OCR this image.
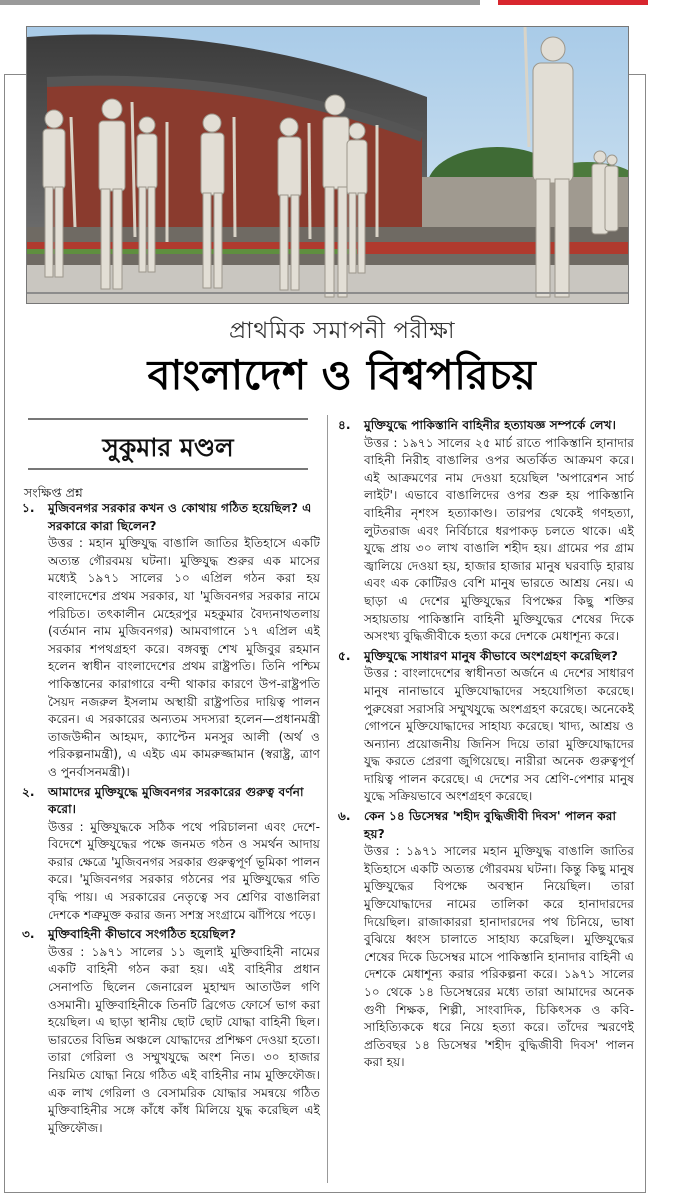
প্রাথমিক সমাপনী পরীক্ষা
বাংলাদেশ ও বিশ্বপরিচয়
সুকুমার মণ্ডল
সংক্ষিপ্ত প্রশ্ন
১.	মুজিবনগর সরকার কখন ও কোথায় গঠিত হয়েছিল? এ সরকারে কারা ছিলেন?
উত্তর : মহান মুক্তিযুদ্ধ বাঙালি জাতির ইতিহাসে একটি অত্যন্ত গৌরবময় ঘটনা। মুক্তিযুদ্ধ শুরুর এক মাসের মধ্যেই ১৯৭১ সালের ১০ এপ্রিল গঠন করা হয় বাংলাদেশের প্রথম সরকার, যা 'মুজিবনগর সরকার নামে পরিচিত। তৎকালীন মেহেরপুর মহকুমার বৈদ্যনাথতলায় (বর্তমান নাম মুজিবনগর) আমবাগানে ১৭ এপ্রিল এই সরকার শপথগ্রহণ করে। বঙ্গবন্ধু শেখ মুজিবুর রহমান হলেন স্বাধীন বাংলাদেশের প্রথম রাষ্ট্রপতি। তিনি পশ্চিম পাকিস্তানের কারাগারে বন্দী থাকার কারণে উপ-রাষ্ট্রপতি সৈয়দ নজরুল ইসলাম অস্থায়ী রাষ্ট্রপতির দায়িত্ব পালন করেন। এ সরকারের অন্যতম সদস্যরা হলেন—প্রধানমন্ত্রী তাজউদ্দীন আহমদ, ক্যাপ্টেন মনসুর আলী (অর্থ ও পরিকল্পনামন্ত্রী), এ এইচ এম কামরুজ্জামান (স্বরাষ্ট্র, ত্রাণ ও পুনর্বাসনমন্ত্রী)।
২.	আমাদের মুক্তিযুদ্ধে মুজিবনগর সরকারের গুরুত্ব বর্ণনা করো।
উত্তর : মুক্তিযুদ্ধকে সঠিক পথে পরিচালনা এবং দেশে-বিদেশে মুক্তিযুদ্ধের পক্ষে জনমত গঠন ও সমর্থন আদায় করার ক্ষেত্রে 'মুজিবনগর সরকার গুরুত্বপূর্ণ ভূমিকা পালন করে। 'মুজিবনগর সরকার গঠনের পর মুক্তিযুদ্ধের গতি বৃদ্ধি পায়। এ সরকারের নেতৃত্বে সব শ্রেণির বাঙালিরা দেশকে শত্রুমুক্ত করার জন্য সশস্ত্র সংগ্রামে ঝাঁপিয়ে পড়ে।
৩.	মুক্তিবাহিনী কীভাবে সংগঠিত হয়েছিল?
উত্তর : ১৯৭১ সালের ১১ জুলাই মুক্তিবাহিনী নামের একটি বাহিনী গঠন করা হয়। এই বাহিনীর প্রধান সেনাপতি ছিলেন জেনারেল মুহাম্মদ আতাউল গণি ওসমানী। মুক্তিবাহিনীকে তিনটি ব্রিগেড ফোর্সে ভাগ করা হয়েছিল। এ ছাড়া স্থানীয় ছোট ছোট যোদ্ধা বাহিনী ছিল। ভারতের বিভিন্ন অঞ্চলে যোদ্ধাদের প্রশিক্ষণ দেওয়া হতো। তারা গেরিলা ও সম্মুখযুদ্ধে অংশ নিত। ৩০ হাজার নিয়মিত যোদ্ধা নিয়ে গঠিত এই বাহিনীর নাম মুক্তিফৌজ। এক লাখ গেরিলা ও বেসামরিক যোদ্ধার সমন্বয়ে গঠিত মুক্তিবাহিনীর সঙ্গে কাঁধে কাঁধ মিলিয়ে যুদ্ধ করেছিল এই মুক্তিফৌজ।
৪.	মুক্তিযুদ্ধে পাকিস্তানি বাহিনীর হত্যাযজ্ঞ সম্পর্কে লেখ।
উত্তর : ১৯৭১ সালের ২৫ মার্চ রাতে পাকিস্তানি হানাদার বাহিনী নিরীহ বাঙালির ওপর অতর্কিত আক্রমণ করে। এই আক্রমণের নাম দেওয়া হয়েছিল 'অপারেশন সার্চ লাইট'। এভাবে বাঙালিদের ওপর শুরু হয় পাকিস্তানি বাহিনীর নৃশংস হত্যাকাণ্ড। তারপর থেকেই গণহত্যা, লুটতরাজ এবং নির্বিচারে ধরপাকড় চলতে থাকে। এই যুদ্ধে প্রায় ৩০ লাখ বাঙালি শহীদ হয়। গ্রামের পর গ্রাম জ্বালিয়ে দেওয়া হয়, হাজার হাজার মানুষ ঘরবাড়ি হারায় এবং এক কোটিরও বেশি মানুষ ভারতে আশ্রয় নেয়। এ ছাড়া এ দেশের মুক্তিযুদ্ধের বিপক্ষের কিছু শক্তির সহায়তায় পাকিস্তানি বাহিনী মুক্তিযুদ্ধের শেষের দিকে অসংখ্য বুদ্ধিজীবীকে হত্যা করে দেশকে মেধাশূন্য করে।
৫.	মুক্তিযুদ্ধে সাধারণ মানুষ কীভাবে অংশগ্রহণ করেছিল?
উত্তর : বাংলাদেশের স্বাধীনতা অর্জনে এ দেশের সাধারণ মানুষ নানাভাবে মুক্তিযোদ্ধাদের সহযোগিতা করেছে। পুরুষেরা সরাসরি সম্মুখযুদ্ধে অংশগ্রহণ করেছে। অনেকেই গোপনে মুক্তিযোদ্ধাদের সাহায্য করেছে। খাদ্য, আশ্রয় ও অন্যান্য প্রয়োজনীয় জিনিস দিয়ে তারা মুক্তিযোদ্ধাদের যুদ্ধ করতে প্রেরণা জুগিয়েছে। নারীরা অনেক গুরুত্বপূর্ণ দায়িত্ব পালন করেছে। এ দেশের সব শ্রেণি-পেশার মানুষ যুদ্ধে সক্রিয়ভাবে অংশগ্রহণ করেছে।
৬.	কেন ১৪ ডিসেম্বর 'শহীদ বুদ্ধিজীবী দিবস' পালন করা হয়?
উত্তর : ১৯৭১ সালের মহান মুক্তিযুদ্ধ বাঙালি জাতির ইতিহাসে একটি অত্যন্ত গৌরবময় ঘটনা। কিন্তু কিছু মানুষ মুক্তিযুদ্ধের বিপক্ষে অবস্থান নিয়েছিল। তারা মুক্তিযোদ্ধাদের নামের তালিকা করে হানাদারদের দিয়েছিল। রাজাকাররা হানাদারদের পথ চিনিয়ে, ভাষা বুঝিয়ে ধ্বংস চালাতে সাহায্য করেছিল। মুক্তিযুদ্ধের শেষের দিকে ডিসেম্বর মাসে পাকিস্তানি হানাদার বাহিনী এ দেশকে মেধাশূন্য করার পরিকল্পনা করে। ১৯৭১ সালের ১০ থেকে ১৪ ডিসেম্বরের মধ্যে তারা আমাদের অনেক গুণী শিক্ষক, শিল্পী, সাংবাদিক, চিকিৎসক ও কবি-সাহিত্যিককে ধরে নিয়ে হত্যা করে। তাঁদের স্মরণেই প্রতিবছর ১৪ ডিসেম্বর 'শহীদ বুদ্ধিজীবী দিবস' পালন করা হয়।
